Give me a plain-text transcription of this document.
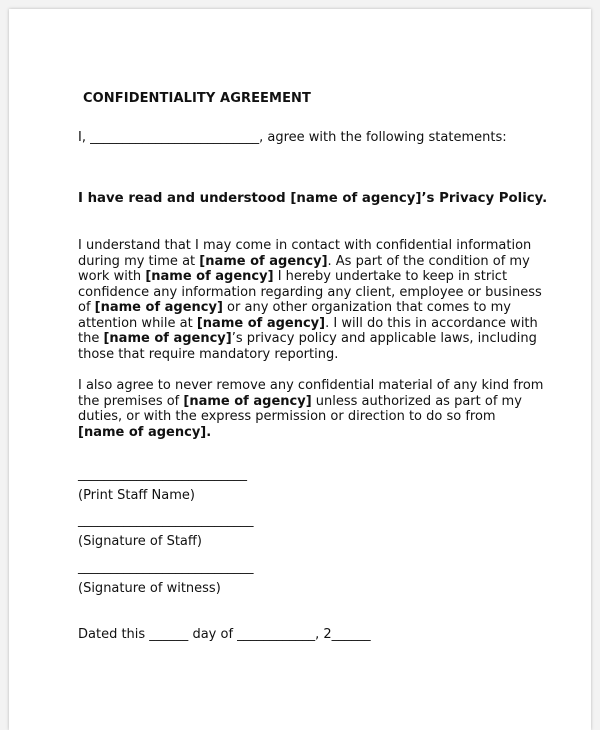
CONFIDENTIALITY AGREEMENT
I, __________________________, agree with the following statements:
I have read and understood [name of agency]’s Privacy Policy.
I understand that I may come in contact with confidential information
during my time at [name of agency]. As part of the condition of my
work with [name of agency] I hereby undertake to keep in strict
confidence any information regarding any client, employee or business
of [name of agency] or any other organization that comes to my
attention while at [name of agency]. I will do this in accordance with
the [name of agency]’s privacy policy and applicable laws, including
those that require mandatory reporting.
I also agree to never remove any confidential material of any kind from
the premises of [name of agency] unless authorized as part of my
duties, or with the express permission or direction to do so from
[name of agency].
__________________________
(Print Staff Name)
___________________________
(Signature of Staff)
___________________________
(Signature of witness)
Dated this ______ day of ____________, 2______
